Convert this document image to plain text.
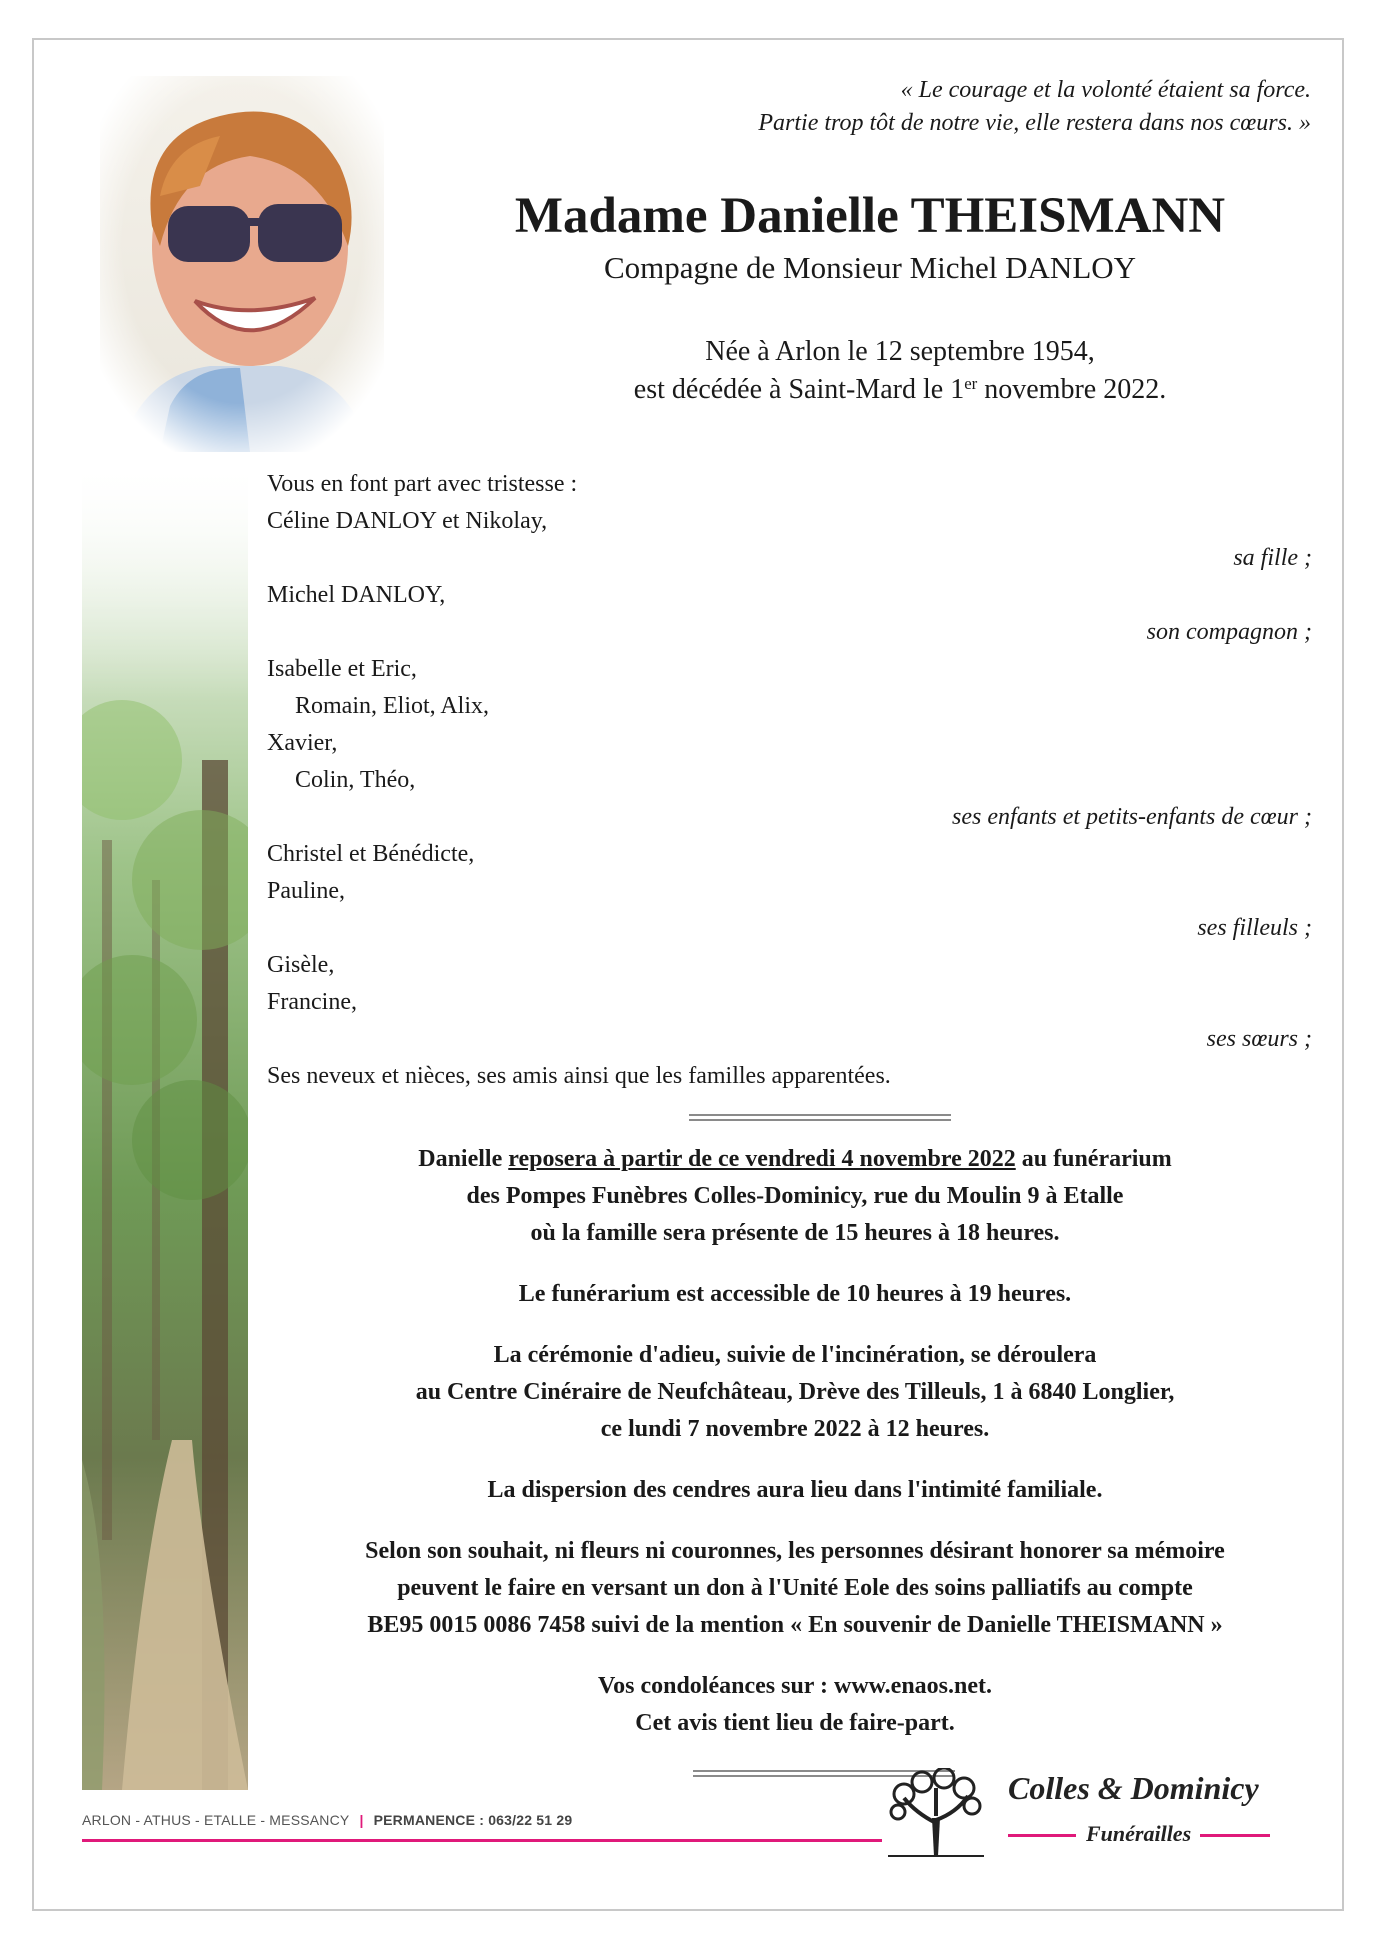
« Le courage et la volonté étaient sa force.
Partie trop tôt de notre vie, elle restera dans nos cœurs. »
Madame Danielle THEISMANN
Compagne de Monsieur Michel DANLOY
Née à Arlon le 12 septembre 1954,
est décédée à Saint-Mard le 1er novembre 2022.
Vous en font part avec tristesse :
Céline DANLOY et Nikolay,
sa fille ;
Michel DANLOY,
son compagnon ;
Isabelle et Eric,
Romain, Eliot, Alix,
Xavier,
Colin, Théo,
ses enfants et petits-enfants de cœur ;
Christel et Bénédicte,
Pauline,
ses filleuls ;
Gisèle,
Francine,
ses sœurs ;
Ses neveux et nièces, ses amis ainsi que les familles apparentées.
Danielle reposera à partir de ce vendredi 4 novembre 2022 au funérarium
des Pompes Funèbres Colles-Dominicy, rue du Moulin 9 à Etalle
où la famille sera présente de 15 heures à 18 heures.
Le funérarium est accessible de 10 heures à 19 heures.
La cérémonie d'adieu, suivie de l'incinération, se déroulera
au Centre Cinéraire de Neufchâteau, Drève des Tilleuls, 1 à 6840 Longlier,
ce lundi 7 novembre 2022 à 12 heures.
La dispersion des cendres aura lieu dans l'intimité familiale.
Selon son souhait, ni fleurs ni couronnes, les personnes désirant honorer sa mémoire
peuvent le faire en versant un don à l'Unité Eole des soins palliatifs au compte
BE95 0015 0086 7458 suivi de la mention « En souvenir de Danielle THEISMANN »
Vos condoléances sur : www.enaos.net.
Cet avis tient lieu de faire-part.
ARLON - ATHUS - ETALLE - MESSANCY | PERMANENCE : 063/22 51 29
Colles & Dominicy
Funérailles
